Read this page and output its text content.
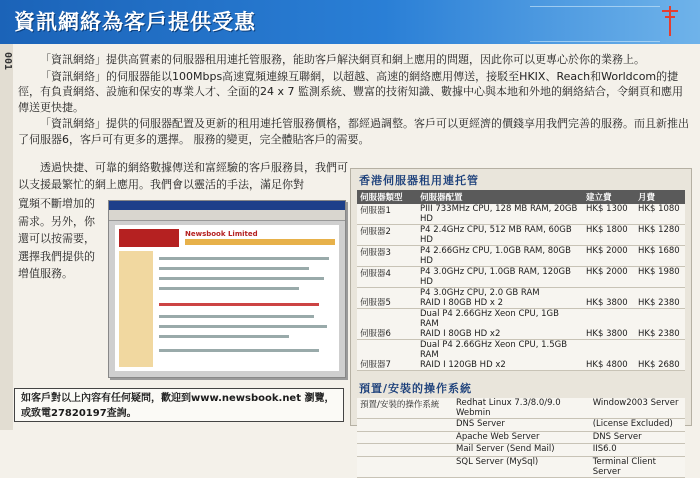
資訊網絡為客戶提供受惠
001	「資訊網絡」提供高質素的伺服器租用連托管服務，能助客戶解決網頁和網上應用的問題，因此你可以更專心於你的業務上。

「資訊網絡」的伺服器能以100Mbps高速寬頻連線互聯網，以超越、高速的網絡應用傳送，接駁至HKIX、Reach和Worldcom的捷徑，有負責網絡、設施和保安的專業人才、全面的24 x 7 監測系統、豐富的技術知識、數據中心與本地和外地的網絡結合，令網頁和應用傳送更快捷。

「資訊網絡」提供的伺服器配置及更新的租用連托管服務價格，都經過調整。客戶可以更經濟的價錢享用我們完善的服務。而且新推出了伺服器6，客戶可有更多的選擇。 服務的變更，完全體貼客戶的需要。

透過快捷、可靠的網絡數據傳送和富經驗的客戶服務員，我們可以支援最繁忙的網上應用。我們會以靈活的手法，滿足你對

寬頻不斷增加的需求。另外，你還可以按需要，選擇我們提供的增值服務。
Newsbook Limited
如客戶對以上內容有任何疑問，歡迎到www.newsbook.net 瀏覽，或致電27820197查詢。
香港伺服器租用連托管
伺服器類型	伺服器配置	建立費	月費
伺服器1	PIII 733MHz CPU, 128 MB RAM, 20GB HD	HK$ 1300	HK$ 1080
伺服器2	P4 2.4GHz CPU, 512 MB RAM, 60GB HD	HK$ 1800	HK$ 1280
伺服器3	P4 2.66GHz CPU, 1.0GB RAM, 80GB HD	HK$ 2000	HK$ 1680
伺服器4	P4 3.0GHz CPU, 1.0GB RAM, 120GB HD	HK$ 2000	HK$ 1980
伺服器5	P4 3.0GHz CPU, 2.0 GB RAM
RAID I 80GB HD x 2	HK$ 3800	HK$ 2380
伺服器6	Dual P4 2.66GHz Xeon CPU, 1GB RAM
RAID I 80GB HD x2	HK$ 3800	HK$ 2380
伺服器7	Dual P4 2.66GHz Xeon CPU, 1.5GB RAM
RAID I 120GB HD x2	HK$ 4800	HK$ 2680
預置/安裝的操作系統
預置/安裝的操作系統	Redhat Linux 7.3/8.0/9.0 Webmin	Window2003 Server
	DNS Server	(License Excluded)
	Apache Web Server	DNS Server
	Mail Server (Send Mail)	IIS6.0
	SQL Server (MySql)	Terminal Client Server
